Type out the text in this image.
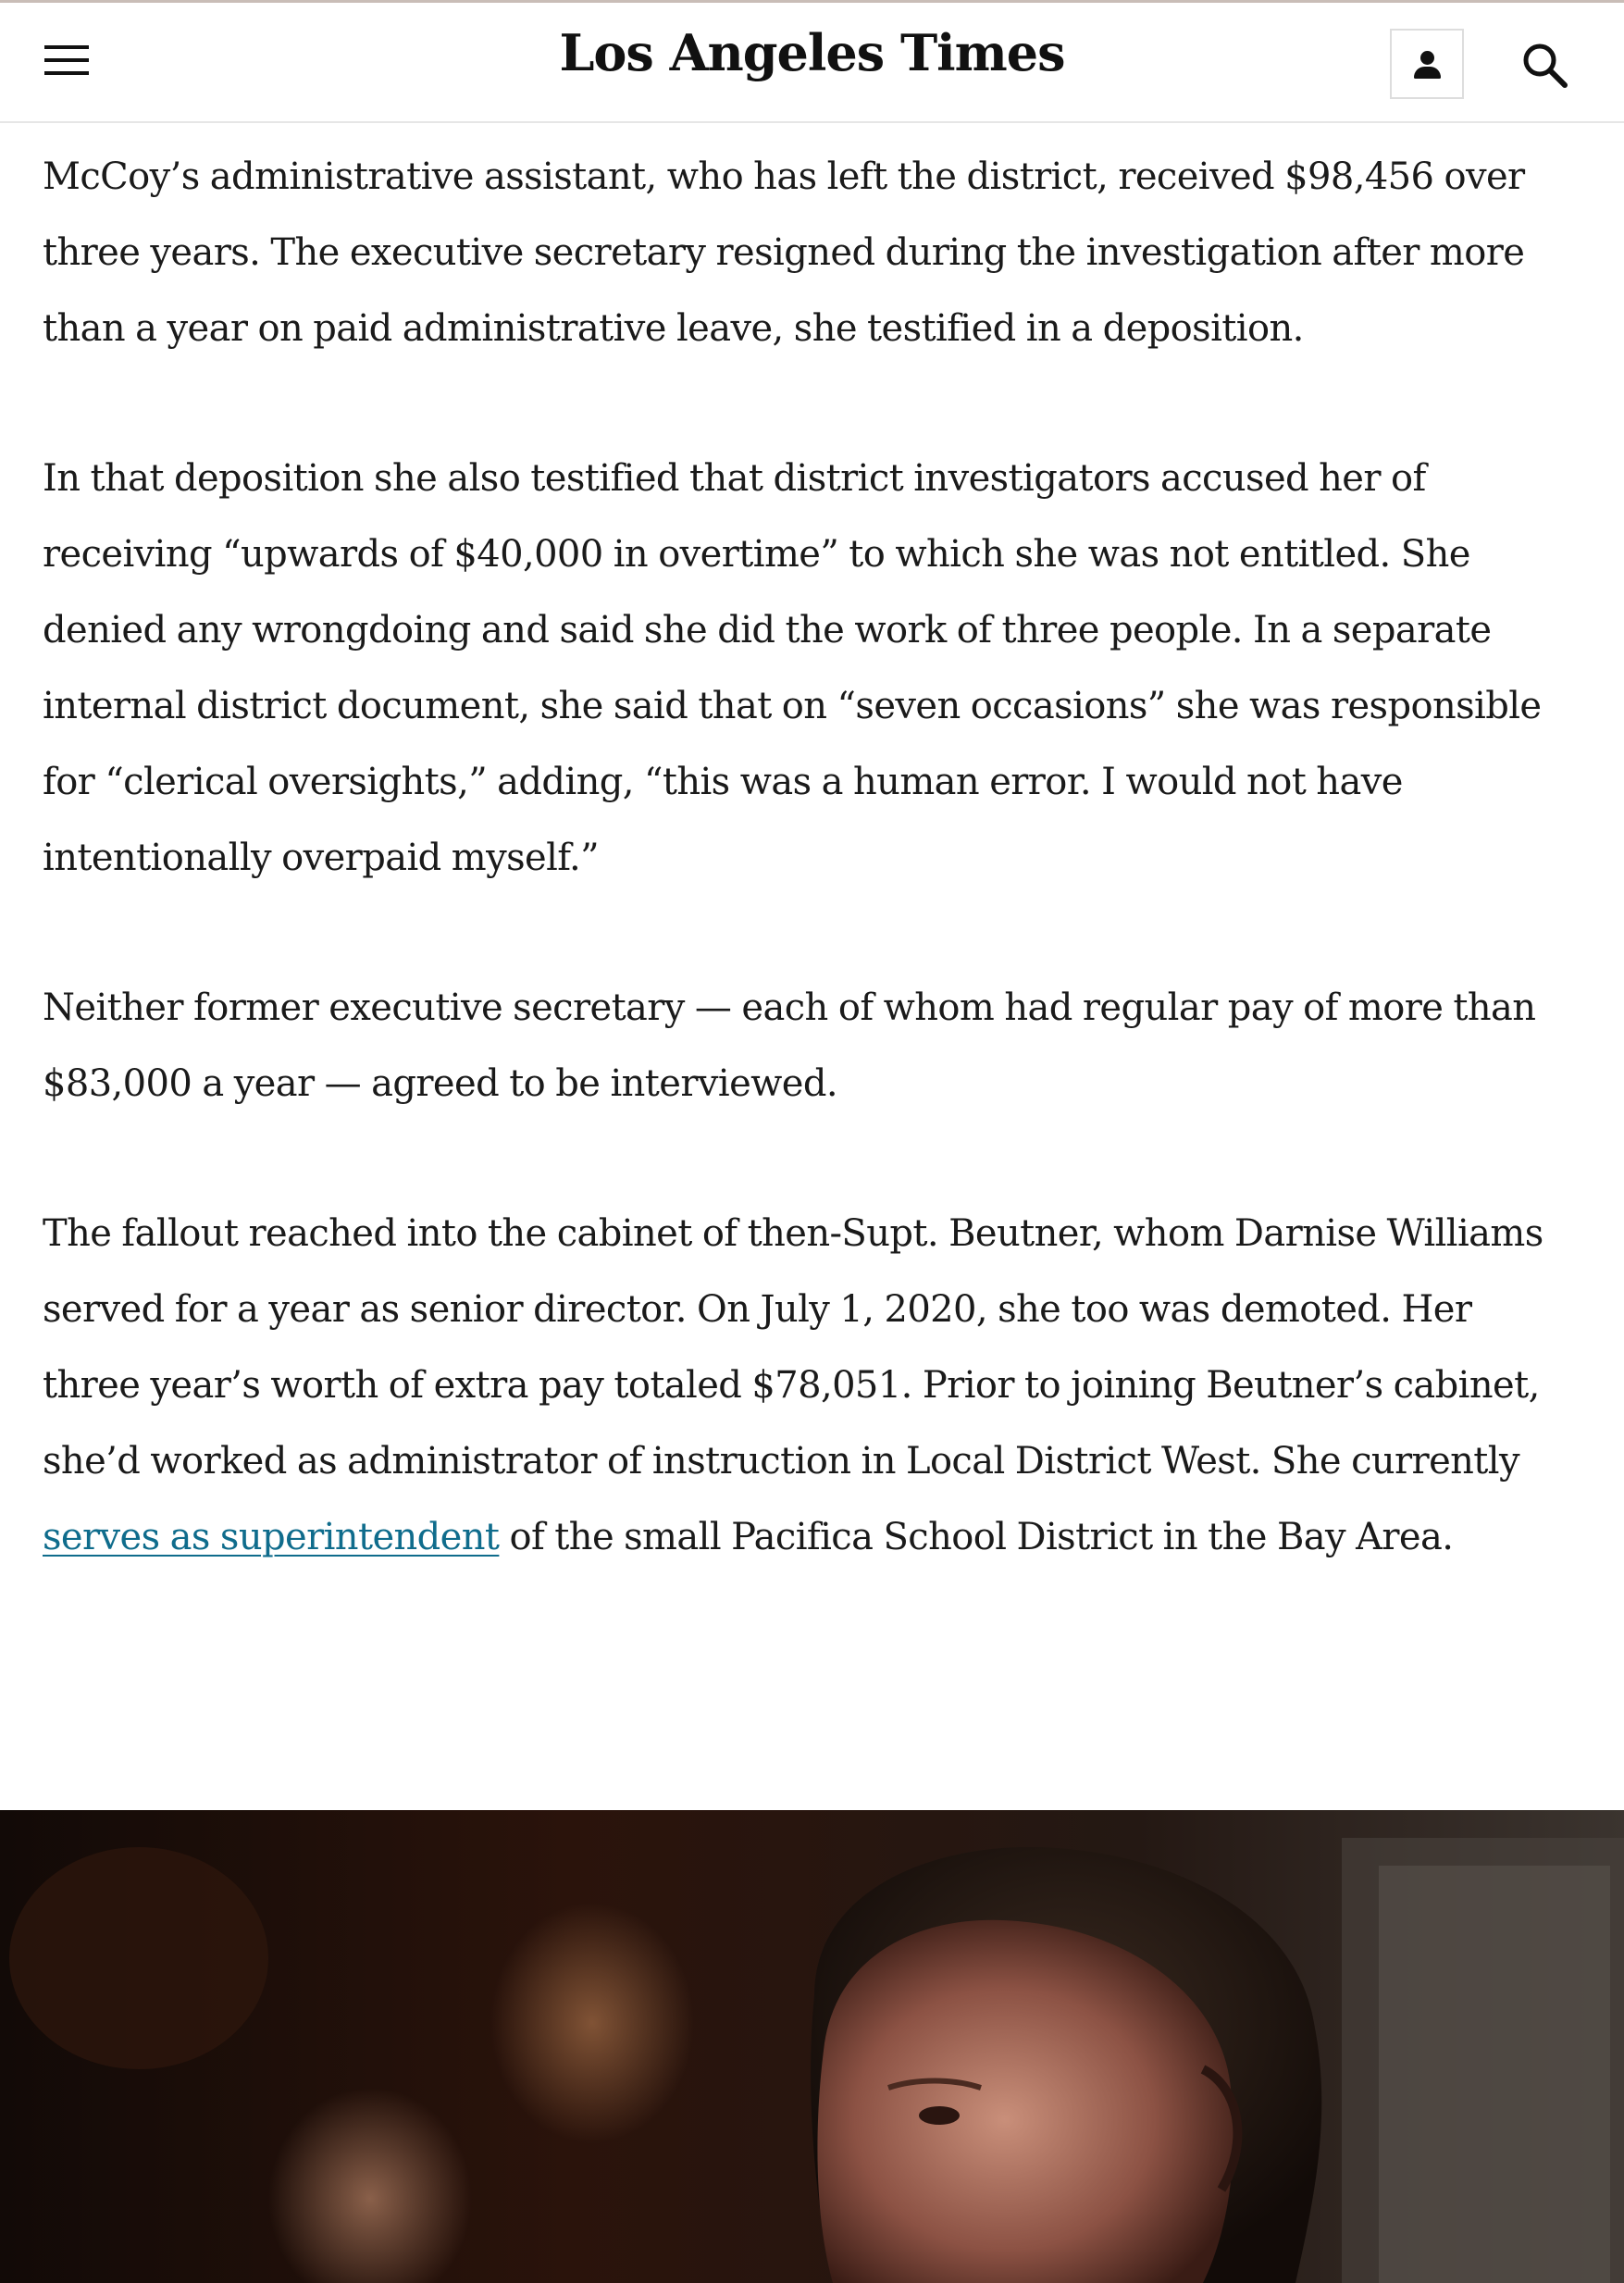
Los Angeles Times

McCoy’s administrative assistant, who has left the district, received $98,456 over three years. The executive secretary resigned during the investigation after more than a year on paid administrative leave, she testified in a deposition.

In that deposition she also testified that district investigators accused her of receiving “upwards of $40,000 in overtime” to which she was not entitled. She denied any wrongdoing and said she did the work of three people. In a separate internal district document, she said that on “seven occasions” she was responsible for “clerical oversights,” adding, “this was a human error. I would not have intentionally overpaid myself.”

Neither former executive secretary — each of whom had regular pay of more than $83,000 a year — agreed to be interviewed.

The fallout reached into the cabinet of then-Supt. Beutner, whom Darnise Williams served for a year as senior director. On July 1, 2020, she too was demoted. Her three year’s worth of extra pay totaled $78,051. Prior to joining Beutner’s cabinet, she’d worked as administrator of instruction in Local District West. She currently serves as superintendent of the small Pacifica School District in the Bay Area.
